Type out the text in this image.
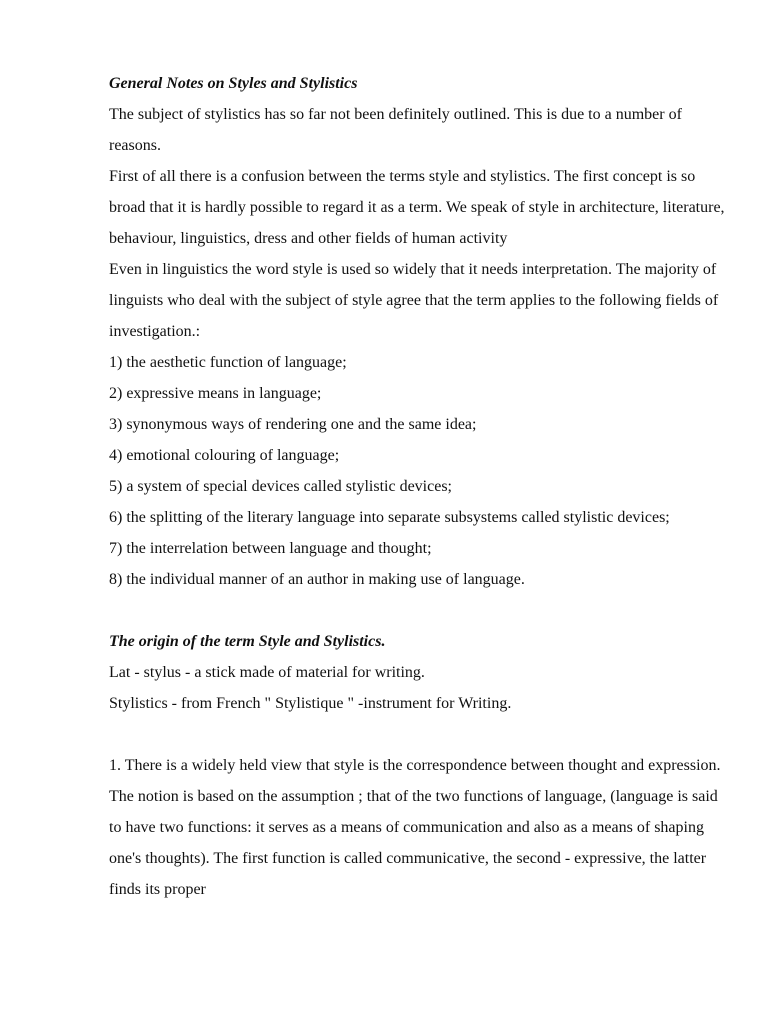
General Notes on Styles and Stylistics

The subject of stylistics has so far not been definitely outlined. This is due to a number of reasons.

First of all there is a confusion between the terms style and stylistics. The first concept is so broad that it is hardly possible to regard it as a term. We speak of style in architecture, literature, behaviour, linguistics, dress and other fields of human activity

Even in linguistics the word style is used so widely that it needs interpretation. The majority of linguists who deal with the subject of style agree that the term applies to the following fields of investigation.:

1) the aesthetic function of language;
2) expressive means in language;
3) synonymous ways of rendering one and the same idea;
4) emotional colouring of language;
5) a system of special devices called stylistic devices;
6) the splitting of the literary language into separate subsystems called stylistic devices;
7) the interrelation between language and thought;
8) the individual manner of an author in making use of language.

The origin of the term Style and Stylistics.

Lat - stylus - a stick made of material for writing.

Stylistics - from French " Stylistique " -instrument for Writing.

1. There is a widely held view that style is the correspondence between thought and expression. The notion is based on the assumption ; that of the two functions of language, (language is said to have two functions: it serves as a means of communication and also as a means of shaping one's thoughts). The first function is called communicative, the second - expressive, the latter finds its proper
